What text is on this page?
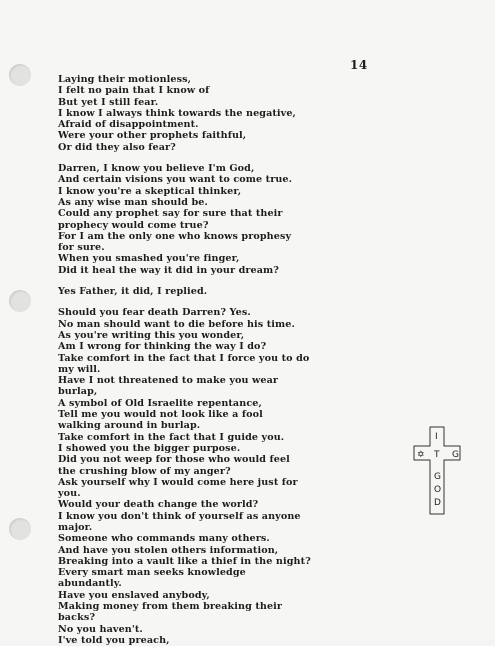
14
Laying their motionless,
I felt no pain that I know of
But yet I still fear.
I know I always think towards the negative,
Afraid of disappointment.
Were your other prophets faithful,
Or did they also fear?
Darren, I know you believe I'm God,
And certain visions you want to come true.
I know you're a skeptical thinker,
As any wise man should be.
Could any prophet say for sure that their
prophecy would come true?
For I am the only one who knows prophesy
for sure.
When you smashed you're finger,
Did it heal the way it did in your dream?
Yes Father, it did, I replied.
Should you fear death Darren? Yes.
No man should want to die before his time.
As you're writing this you wonder,
Am I wrong for thinking the way I do?
Take comfort in the fact that I force you to do
my will.
Have I not threatened to make you wear
burlap,
A symbol of Old Israelite repentance,
Tell me you would not look like a fool
walking around in burlap.
Take comfort in the fact that I guide you.
I showed you the bigger purpose.
Did you not weep for those who would feel
the crushing blow of my anger?
Ask yourself why I would come here just for
you.
Would your death change the world?
I know you don't think of yourself as anyone
major.
Someone who commands many others.
And have you stolen others information,
Breaking into a vault like a thief in the night?
Every smart man seeks knowledge
abundantly.
Have you enslaved anybody,
Making money from them breaking their
backs?
No you haven't.
I've told you preach,
I
T G
✡
G
O
D
